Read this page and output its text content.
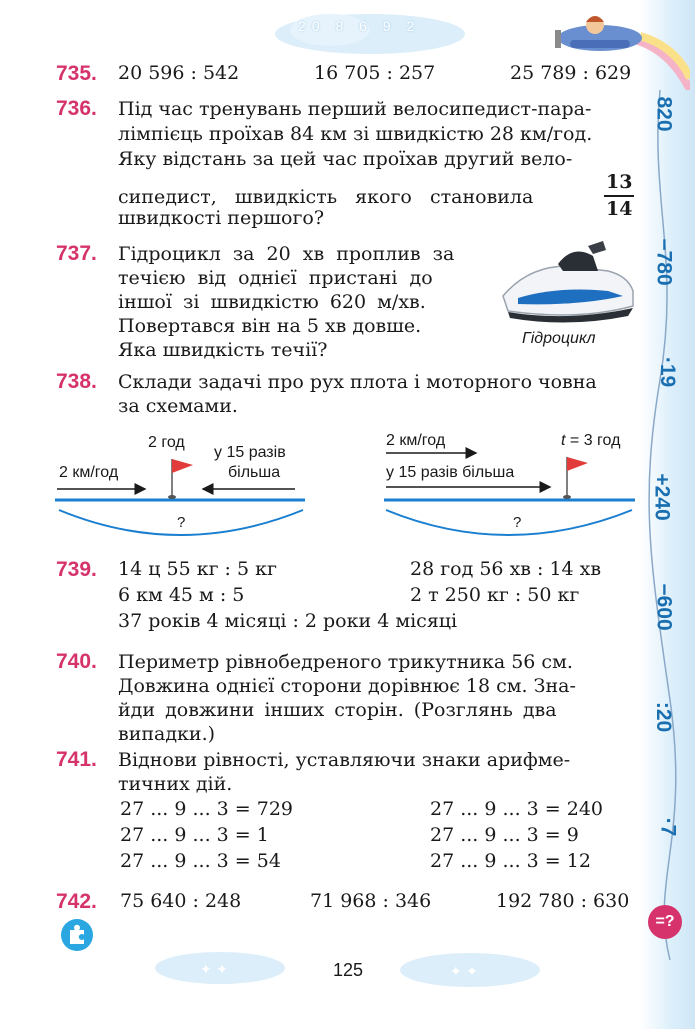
820
−780
·19
+240
−600
:20
·7
=?
20 8 6 9 2
735. 20 596 : 542	16 705 : 257	25 789 : 629
736. Під час тренувань перший велосипедист-пара-
лімпієць проїхав 84 км зі швидкістю 28 км/год.
Яку відстань за цей час проїхав другий вело-
сипедист,   швидкість   якого   становила
швидкості першого?	$\frac{13}{14}$
737. Гідроцикл за 20 хв проплив за
течією від однієї пристані до
іншої зі швидкістю 620 м/хв.
Повертався він на 5 хв довше.
Яка швидкість течії?
Гідроцикл
738. Склади задачі про рух плота і моторного човна
за схемами.
2 км/год
2 год
у 15 разів
більша
?
2 км/год
у 15 разів більша
t = 3 год
?
739. 14 ц 55 кг : 5 кг	28 год 56 хв : 14 хв
6 км 45 м : 5	2 т 250 кг : 50 кг
37 років 4 місяці : 2 роки 4 місяці
740. Периметр рівнобедреного трикутника 56 см.
Довжина однієї сторони дорівнює 18 см. Зна-
йди довжини інших сторін. (Розглянь два
випадки.)
741. Віднови рівності, уставляючи знаки арифме-
тичних дій.
27 ... 9 ... 3 = 729	27 ... 9 ... 3 = 240
27 ... 9 ... 3 = 1	27 ... 9 ... 3 = 9
27 ... 9 ... 3 = 54	27 ... 9 ... 3 = 12
742. 75 640 : 248	71 968 : 346	192 780 : 630
✦ ✦	✦ ✦
125
